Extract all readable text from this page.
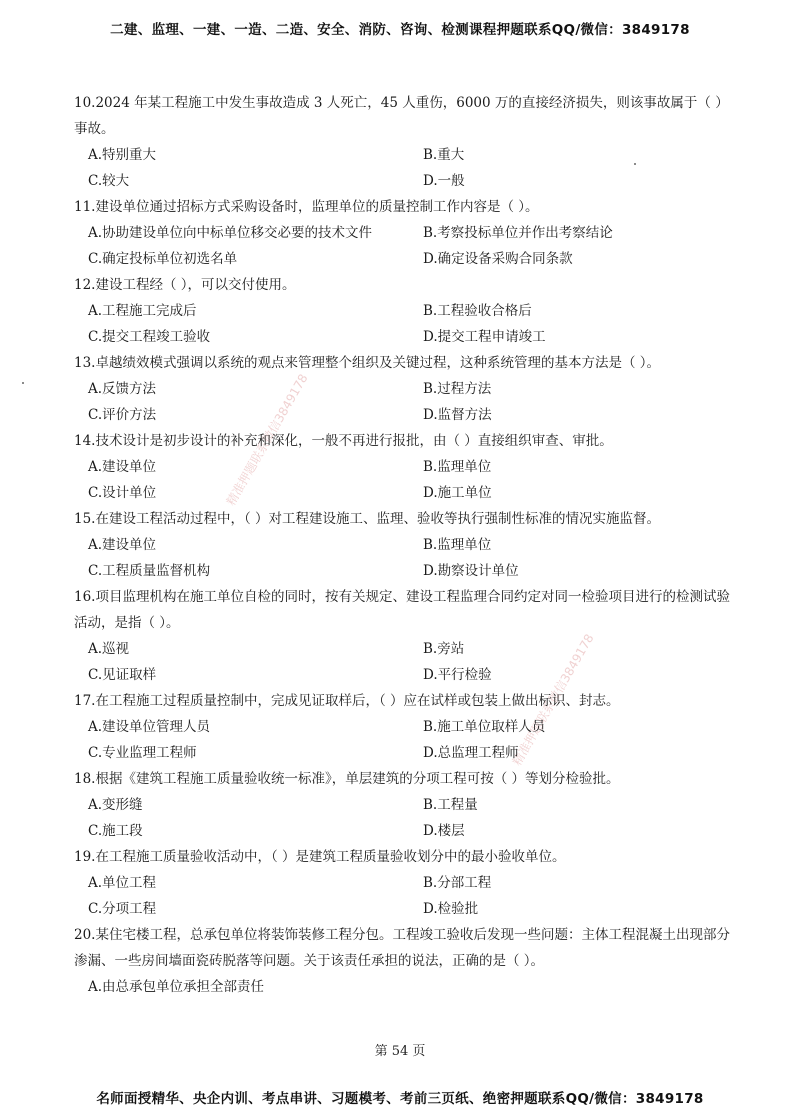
二建、监理、一建、一造、二造、安全、消防、咨询、检测课程押题联系QQ/微信：3849178
精准押题联系微信3849178
精准押题联系微信3849178
10.2024 年某工程施工中发生事故造成 3 人死亡，45 人重伤，6000 万的直接经济损失，则该事故属于（ ）事故。
A.特别重大	B.重大
C.较大	D.一般
11.建设单位通过招标方式采购设备时，监理单位的质量控制工作内容是（ ）。
A.协助建设单位向中标单位移交必要的技术文件	B.考察投标单位并作出考察结论
C.确定投标单位初选名单	D.确定设备采购合同条款
12.建设工程经（ ），可以交付使用。
A.工程施工完成后	B.工程验收合格后
C.提交工程竣工验收	D.提交工程申请竣工
13.卓越绩效模式强调以系统的观点来管理整个组织及关键过程，这种系统管理的基本方法是（ ）。
A.反馈方法	B.过程方法
C.评价方法	D.监督方法
14.技术设计是初步设计的补充和深化，一般不再进行报批，由（ ）直接组织审查、审批。
A.建设单位	B.监理单位
C.设计单位	D.施工单位
15.在建设工程活动过程中，（ ）对工程建设施工、监理、验收等执行强制性标准的情况实施监督。
A.建设单位	B.监理单位
C.工程质量监督机构	D.勘察设计单位
16.项目监理机构在施工单位自检的同时，按有关规定、建设工程监理合同约定对同一检验项目进行的检测试验活动，是指（ ）。
A.巡视	B.旁站
C.见证取样	D.平行检验
17.在工程施工过程质量控制中，完成见证取样后，（ ）应在试样或包装上做出标识、封志。
A.建设单位管理人员	B.施工单位取样人员
C.专业监理工程师	D.总监理工程师
18.根据《建筑工程施工质量验收统一标准》，单层建筑的分项工程可按（ ）等划分检验批。
A.变形缝	B.工程量
C.施工段	D.楼层
19.在工程施工质量验收活动中，（ ）是建筑工程质量验收划分中的最小验收单位。
A.单位工程	B.分部工程
C.分项工程	D.检验批
20.某住宅楼工程，总承包单位将装饰装修工程分包。工程竣工验收后发现一些问题：主体工程混凝土出现部分渗漏、一些房间墙面瓷砖脱落等问题。关于该责任承担的说法，正确的是（ ）。
A.由总承包单位承担全部责任
第 54 页
名师面授精华、央企内训、考点串讲、习题模考、考前三页纸、绝密押题联系QQ/微信：3849178
